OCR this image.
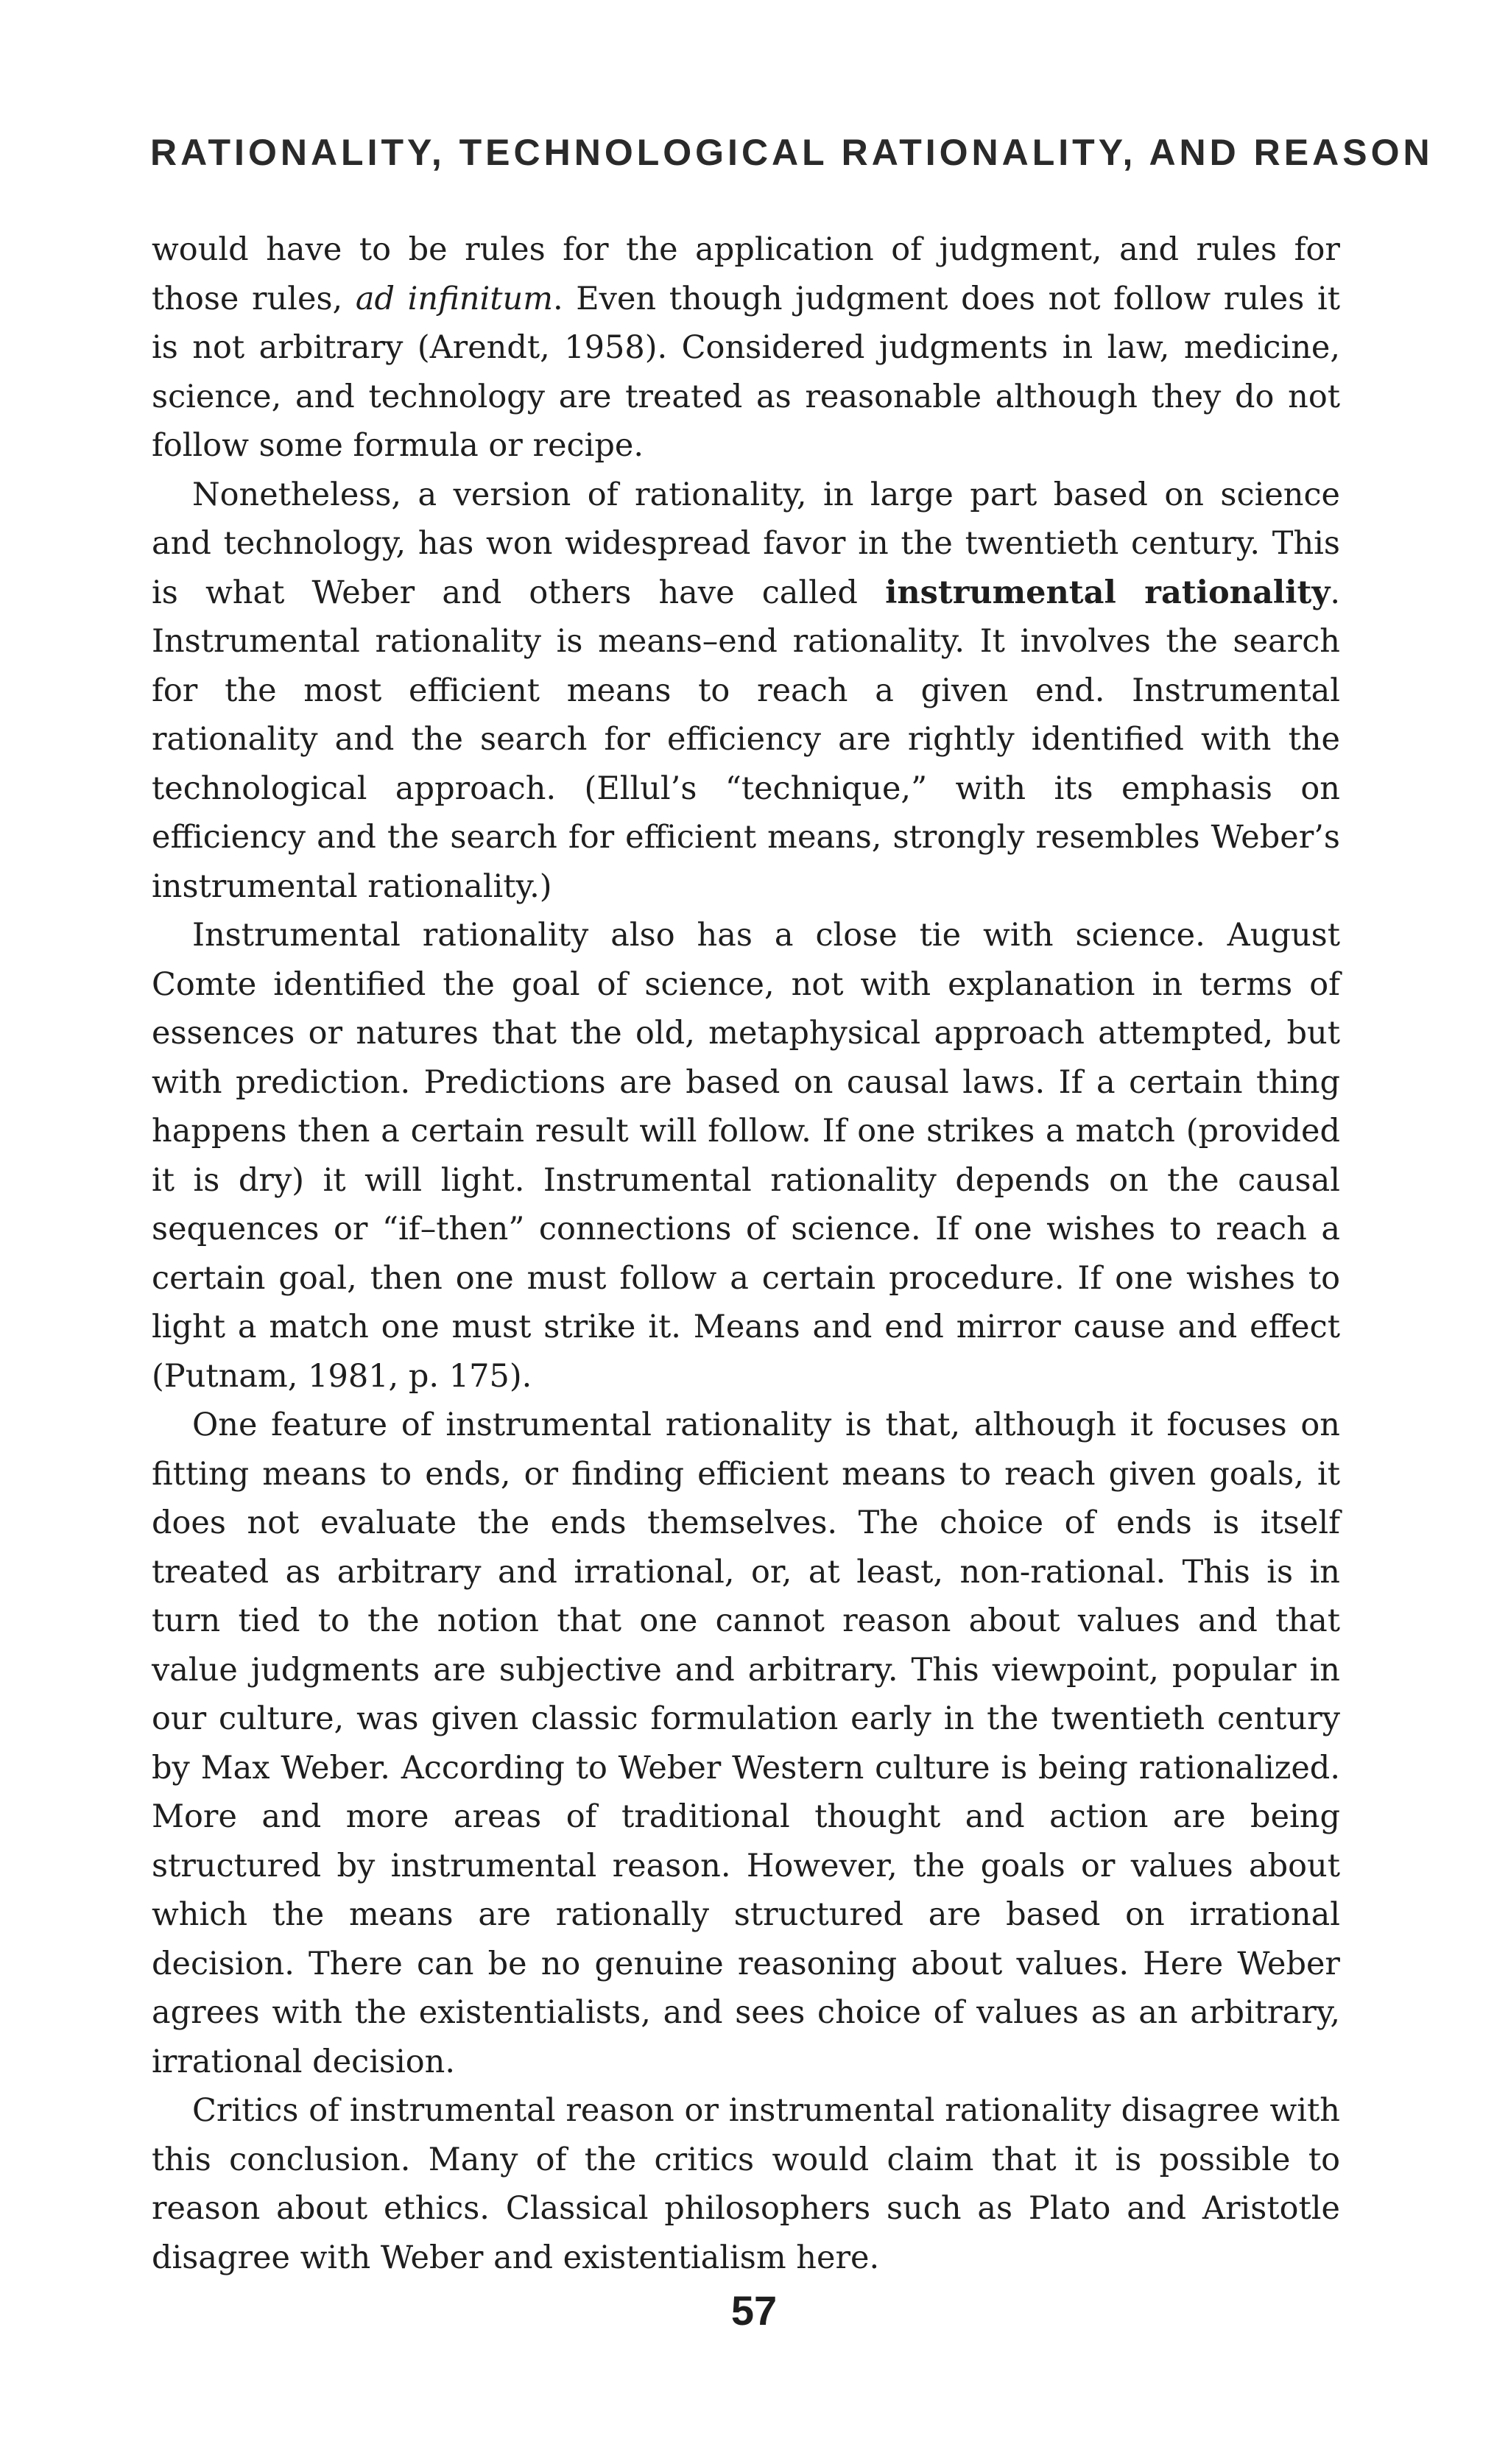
RATIONALITY, TECHNOLOGICAL RATIONALITY, AND REASON

would have to be rules for the application of judgment, and rules for those rules, ad infinitum. Even though judgment does not follow rules it is not arbitrary (Arendt, 1958). Considered judgments in law, medicine, science, and technology are treated as reasonable although they do not follow some formula or recipe.

Nonetheless, a version of rationality, in large part based on science and technology, has won widespread favor in the twentieth century. This is what Weber and others have called instrumental rationality. Instrumental rationality is means–end rationality. It involves the search for the most efficient means to reach a given end. Instrumental rationality and the search for efficiency are rightly identified with the technological approach. (Ellul’s “technique,” with its emphasis on efficiency and the search for efficient means, strongly resembles Weber’s instrumental rationality.)

Instrumental rationality also has a close tie with science. August Comte identified the goal of science, not with explanation in terms of essences or natures that the old, metaphysical approach attempted, but with prediction. Predictions are based on causal laws. If a certain thing happens then a certain result will follow. If one strikes a match (provided it is dry) it will light. Instrumental rationality depends on the causal sequences or “if–then” connections of science. If one wishes to reach a certain goal, then one must follow a certain procedure. If one wishes to light a match one must strike it. Means and end mirror cause and effect (Putnam, 1981, p. 175).

One feature of instrumental rationality is that, although it focuses on fitting means to ends, or finding efficient means to reach given goals, it does not evaluate the ends themselves. The choice of ends is itself treated as arbitrary and irrational, or, at least, non-rational. This is in turn tied to the notion that one cannot reason about values and that value judgments are subjective and arbitrary. This viewpoint, popular in our culture, was given classic formulation early in the twentieth century by Max Weber. According to Weber Western culture is being rationalized. More and more areas of traditional thought and action are being structured by instrumental reason. However, the goals or values about which the means are rationally structured are based on irrational decision. There can be no genuine reasoning about values. Here Weber agrees with the existentialists, and sees choice of values as an arbitrary, irrational decision.

Critics of instrumental reason or instrumental rationality disagree with this conclusion. Many of the critics would claim that it is possible to reason about ethics. Classical philosophers such as Plato and Aristotle disagree with Weber and existentialism here.

57
